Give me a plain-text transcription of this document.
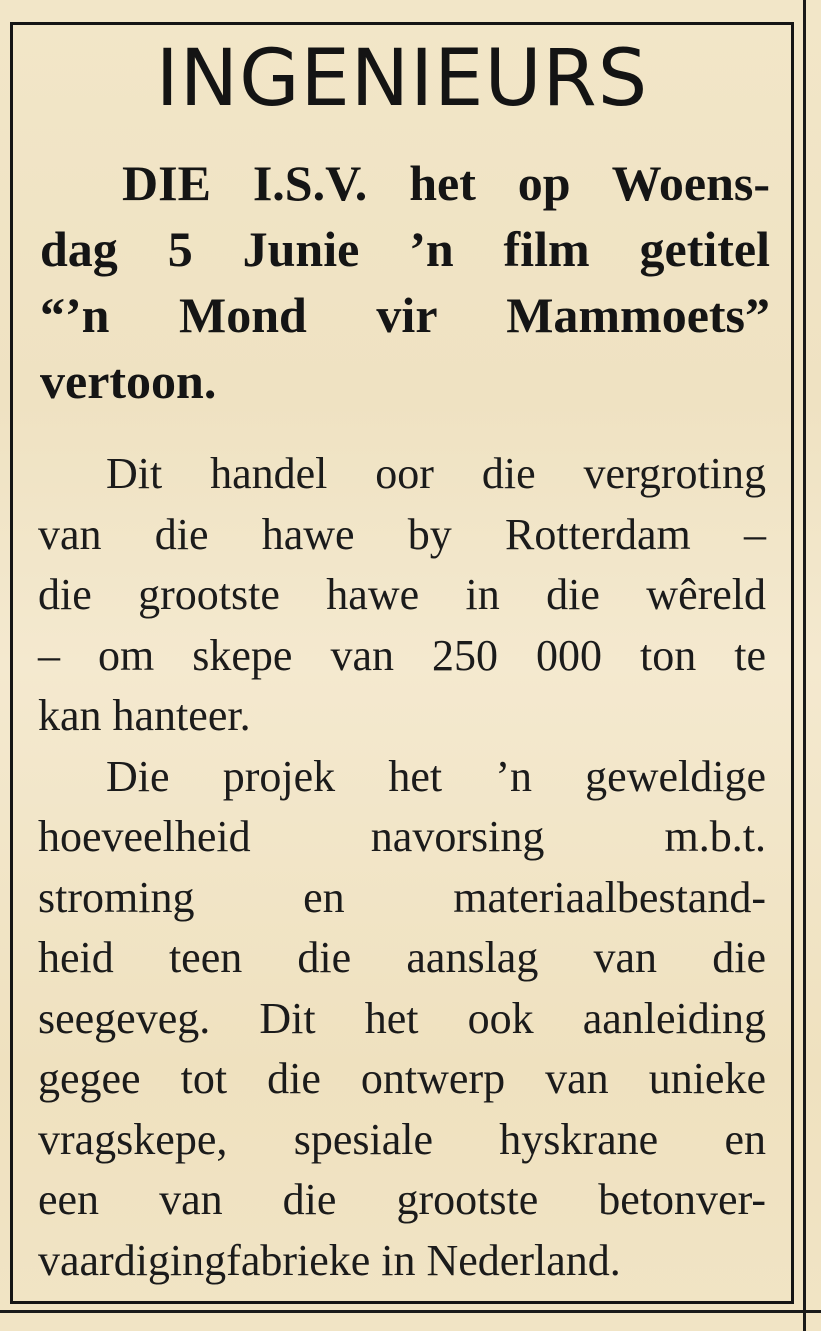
INGENIEURS
DIE I.S.V. het op Woens-
dag 5 Junie ’n film getitel
“’n Mond vir Mammoets”
vertoon.
Dit handel oor die vergroting
van die hawe by Rotterdam –
die grootste hawe in die wêreld
– om skepe van 250 000 ton te
kan hanteer.
Die projek het ’n geweldige
hoeveelheid navorsing m.b.t.
stroming en materiaalbestand-
heid teen die aanslag van die
seegeveg. Dit het ook aanleiding
gegee tot die ontwerp van unieke
vragskepe, spesiale hyskrane en
een van die grootste betonver-
vaardigingfabrieke in Nederland.
